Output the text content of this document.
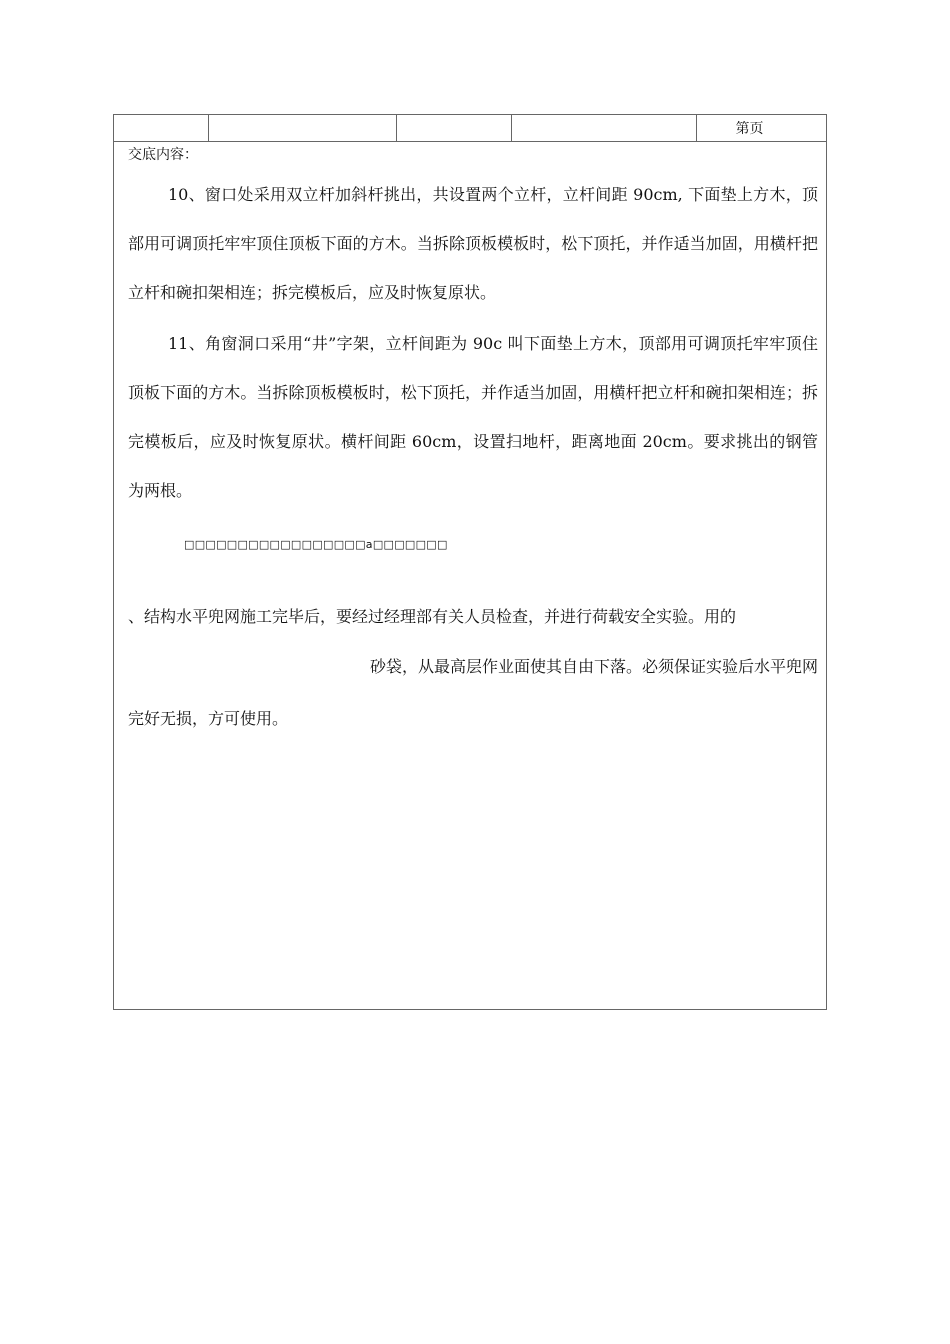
第页
交底内容：

10、窗口处采用双立杆加斜杆挑出，共设置两个立杆，立杆间距 90cm, 下面垫上方木，顶部用可调顶托牢牢顶住顶板下面的方木。当拆除顶板模板时，松下顶托，并作适当加固，用横杆把立杆和碗扣架相连；拆完模板后，应及时恢复原状。

11、角窗洞口采用“井”字架，立杆间距为 90c 叫下面垫上方木，顶部用可调顶托牢牢顶住顶板下面的方木。当拆除顶板模板时，松下顶托，并作适当加固，用横杆把立杆和碗扣架相连；拆完模板后，应及时恢复原状。横杆间距 60cm，设置扫地杆，距离地面 20cm。要求挑出的钢管为两根。

□□□□□□□□□□□□□□□□□a□□□□□□□

、结构水平兜网施工完毕后，要经过经理部有关人员检查，并进行荷载安全实验。用的

砂袋，从最高层作业面使其自由下落。必须保证实验后水平兜网

完好无损，方可使用。
